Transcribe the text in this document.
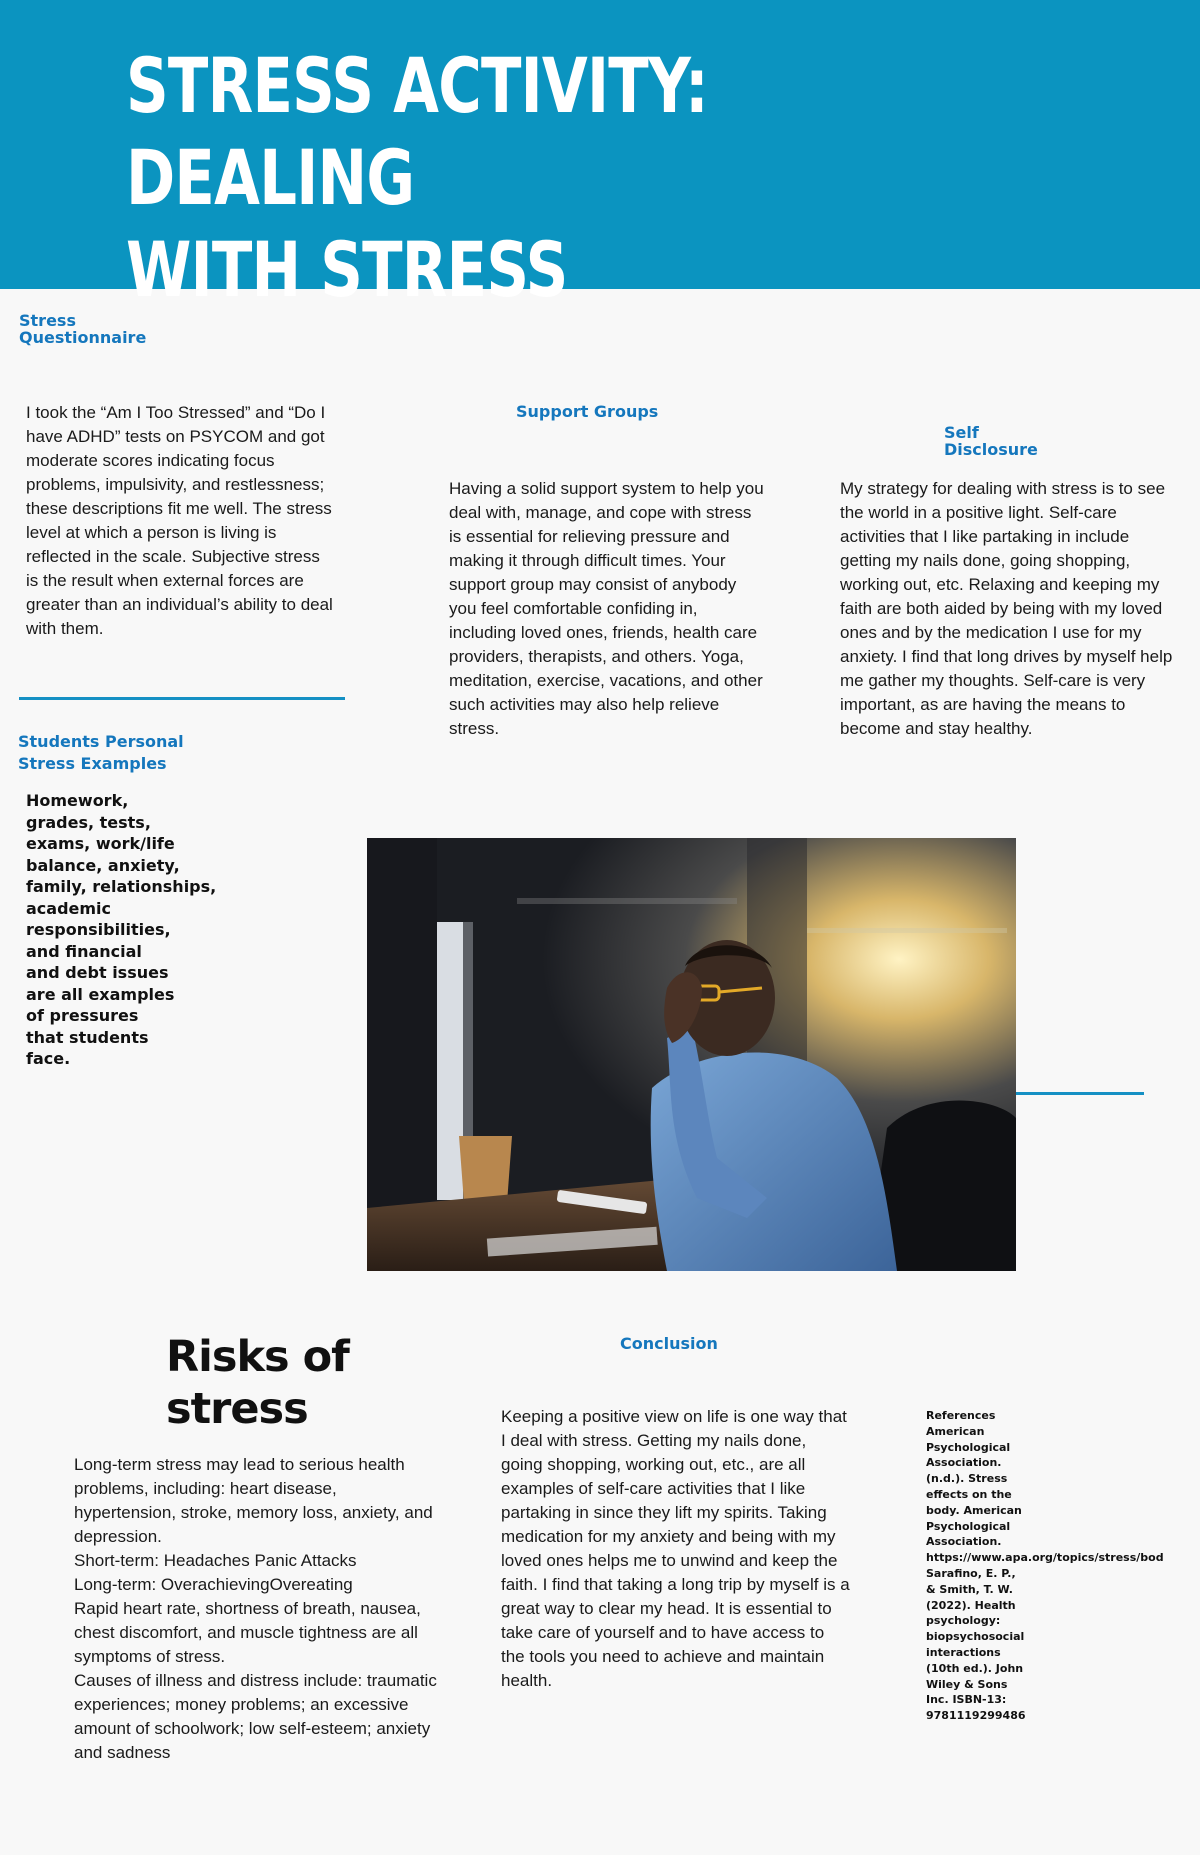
STRESS ACTIVITY: DEALING
WITH STRESS
Stress
Questionnaire

I took the “Am I Too Stressed” and “Do I have ADHD” tests on PSYCOM and got moderate scores indicating focus problems, impulsivity, and restlessness; these descriptions fit me well. The stress level at which a person is living is reflected in the scale. Subjective stress is the result when external forces are greater than an individual’s ability to deal with them.

Students Personal
Stress Examples

Homework,
grades, tests,
exams, work/life
balance, anxiety,
family, relationships,
academic
responsibilities,
and financial
and debt issues
are all examples
of pressures
that students
face.

Support Groups

Having a solid support system to help you deal with, manage, and cope with stress is essential for relieving pressure and making it through difficult times. Your support group may consist of anybody you feel comfortable confiding in, including loved ones, friends, health care providers, therapists, and others. Yoga, meditation, exercise, vacations, and other such activities may also help relieve stress.

Self
Disclosure

My strategy for dealing with stress is to see the world in a positive light. Self-care activities that I like partaking in include getting my nails done, going shopping, working out, etc. Relaxing and keeping my faith are both aided by being with my loved ones and by the medication I use for my anxiety. I find that long drives by myself help me gather my thoughts. Self-care is very important, as are having the means to become and stay healthy.

Risks of
stress

Long-term stress may lead to serious health problems, including: heart disease, hypertension, stroke, memory loss, anxiety, and depression.
Short-term: Headaches Panic Attacks
Long-term: OverachievingOvereating
Rapid heart rate, shortness of breath, nausea, chest discomfort, and muscle tightness are all symptoms of stress.
Causes of illness and distress include: traumatic experiences; money problems; an excessive amount of schoolwork; low self-esteem; anxiety and sadness

Conclusion

Keeping a positive view on life is one way that I deal with stress. Getting my nails done, going shopping, working out, etc., are all examples of self-care activities that I like partaking in since they lift my spirits. Taking medication for my anxiety and being with my loved ones helps me to unwind and keep the faith. I find that taking a long trip by myself is a great way to clear my head. It is essential to take care of yourself and to have access to the tools you need to achieve and maintain health.

References
American
Psychological
Association.
(n.d.). Stress
effects on the
body. American
Psychological
Association.
https://www.apa.org/topics/stress/bod
Sarafino, E. P.,
& Smith, T. W.
(2022). Health
psychology:
biopsychosocial
interactions
(10th ed.). John
Wiley & Sons
Inc. ISBN-13:
9781119299486
